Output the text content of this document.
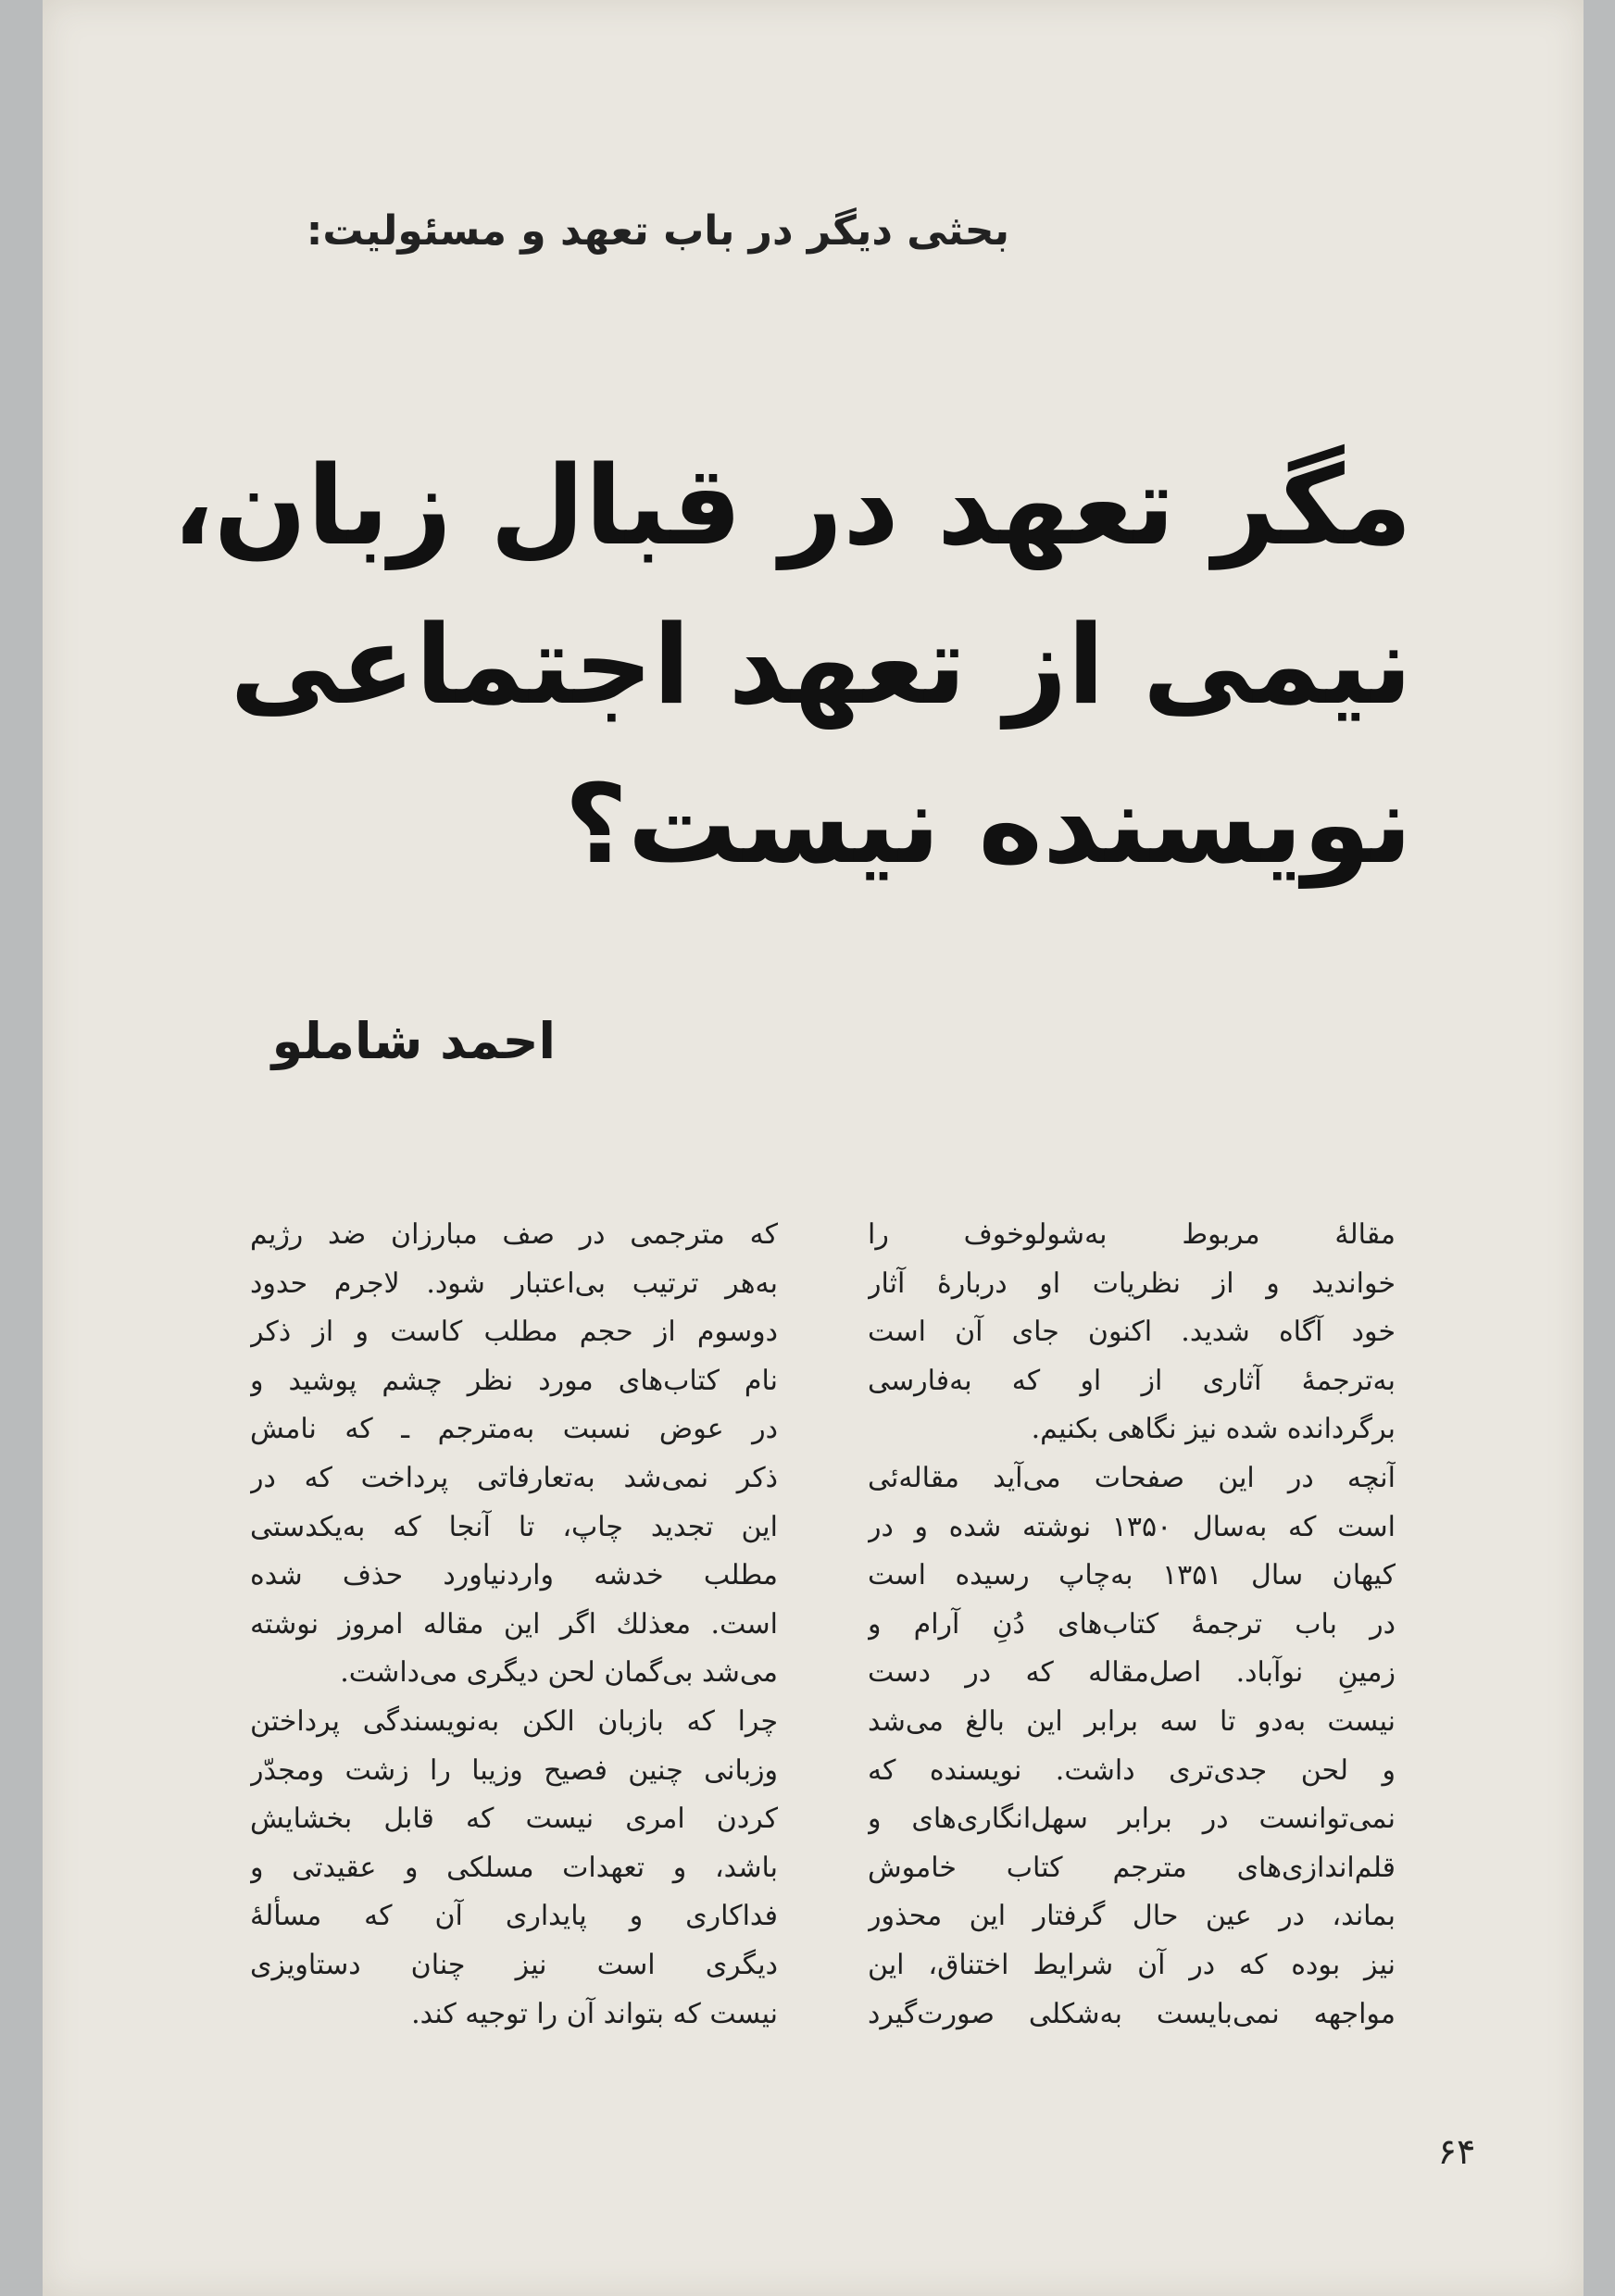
بحثی دیگر در باب تعهد و مسئولیت:
مگر تعهد در قبال زبان،
نیمی از تعهد اجتماعی
نویسنده نیست؟
احمد شاملو
مقالهٔ مربوط به‌شولوخوف را
خواندید و از نظریات او دربارهٔ آثار
خود آگاه شدید. اکنون جای آن است
به‌ترجمهٔ آثاری از او که به‌فارسی
برگردانده شده نیز نگاهی بکنیم.
آنچه در این صفحات می‌آید مقاله‌ئی
است که به‌سال ۱۳۵۰ نوشته شده و در
کیهان سال ۱۳۵۱ به‌چاپ رسیده است
در باب ترجمهٔ کتاب‌های دُنِ آرام و
زمینِ نوآباد. اصل‌مقاله که در دست
نیست به‌دو تا سه برابر این بالغ می‌شد
و لحن جدی‌تری داشت. نویسنده که
نمی‌توانست در برابر سهل‌انگاری‌های و
قلم‌اندازی‌های مترجم کتاب خاموش
بماند، در عین حال گرفتار این محذور
نیز بوده که در آن شرایط اختناق، این
مواجهه نمی‌بایست به‌شکلی صورت‌گیرد
که مترجمی در صف مبارزان ضد رژیم
به‌هر ترتیب بی‌اعتبار شود. لاجرم حدود
دوسوم از حجم مطلب کاست و از ذکر
نام کتاب‌های مورد نظر چشم پوشید و
در عوض نسبت به‌مترجم ـ که نامش
ذکر نمی‌شد به‌تعارفاتی پرداخت که در
این تجدید چاپ، تا آنجا که به‌یکدستی
مطلب خدشه واردنیاورد حذف شده
است. معذلك اگر این مقاله امروز نوشته
می‌شد بی‌گمان لحن دیگری می‌داشت.
چرا که بازبان الکن به‌نویسندگی پرداختن
وزبانی چنین فصیح وزیبا را زشت ومجدّر
کردن امری نیست که قابل بخشایش
باشد، و تعهدات مسلکی و عقیدتی و
فداکاری و پایداری آن که مسألهٔ
دیگری است نیز چنان دستاویزی
نیست که بتواند آن را توجیه کند.
۶۴
